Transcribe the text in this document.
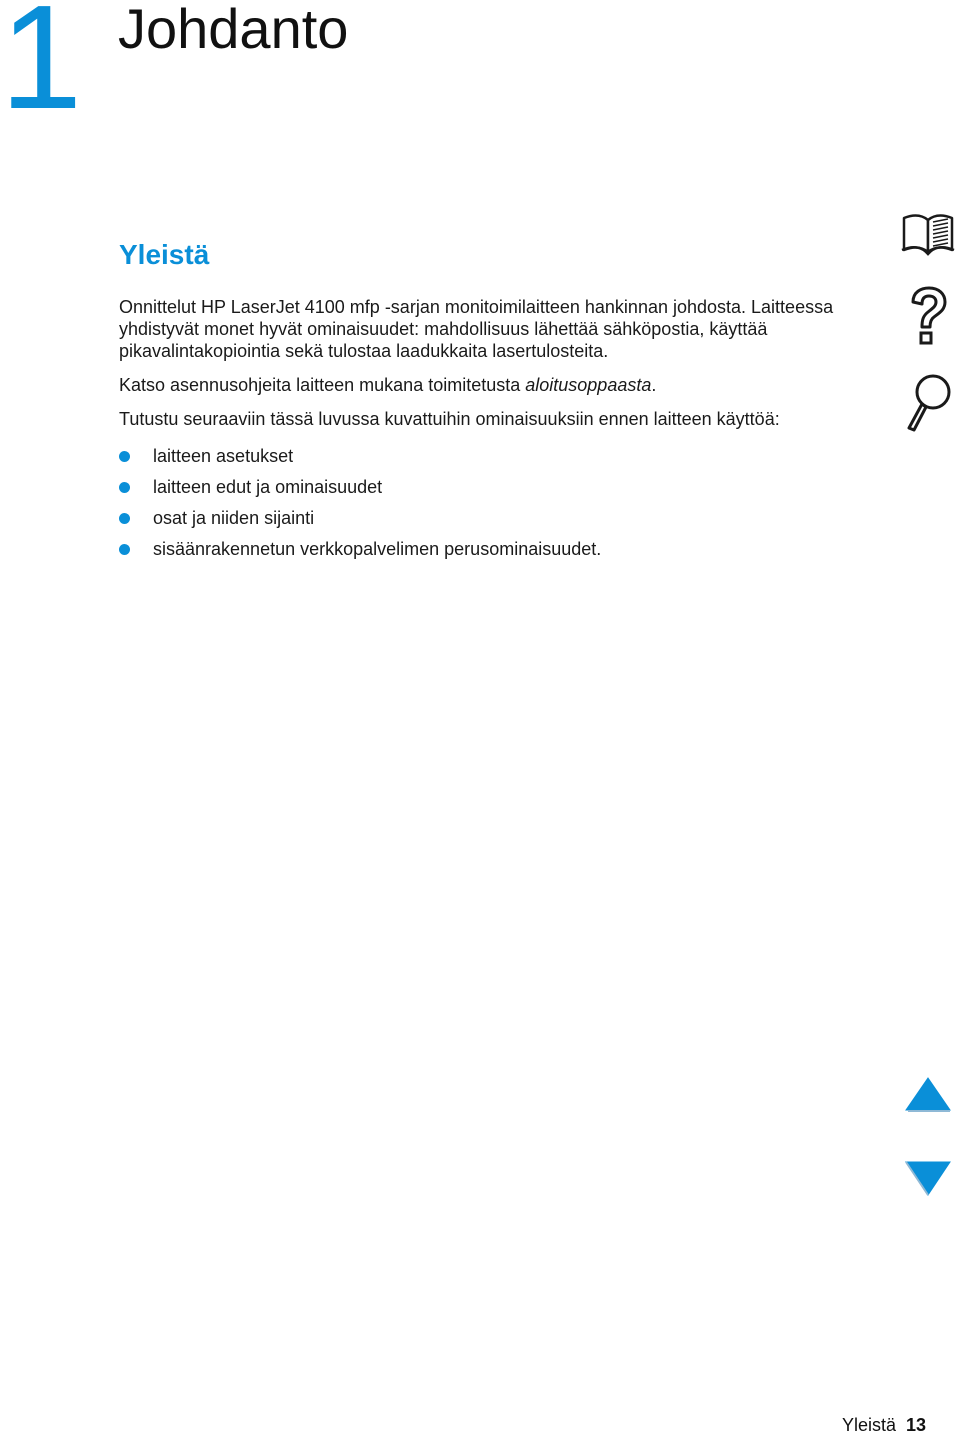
1 Johdanto
Yleistä

Onnittelut HP LaserJet 4100 mfp -sarjan monitoimilaitteen hankinnan johdosta. Laitteessa yhdistyvät monet hyvät ominaisuudet: mahdollisuus lähettää sähköpostia, käyttää pikavalintakopiointia sekä tulostaa laadukkaita lasertulosteita.

Katso asennusohjeita laitteen mukana toimitetusta aloitusoppaasta.

Tutustu seuraaviin tässä luvussa kuvattuihin ominaisuuksiin ennen laitteen käyttöä:

laitteen asetukset
laitteen edut ja ominaisuudet
osat ja niiden sijainti
sisäänrakennetun verkkopalvelimen perusominaisuudet.
Yleistä 13
